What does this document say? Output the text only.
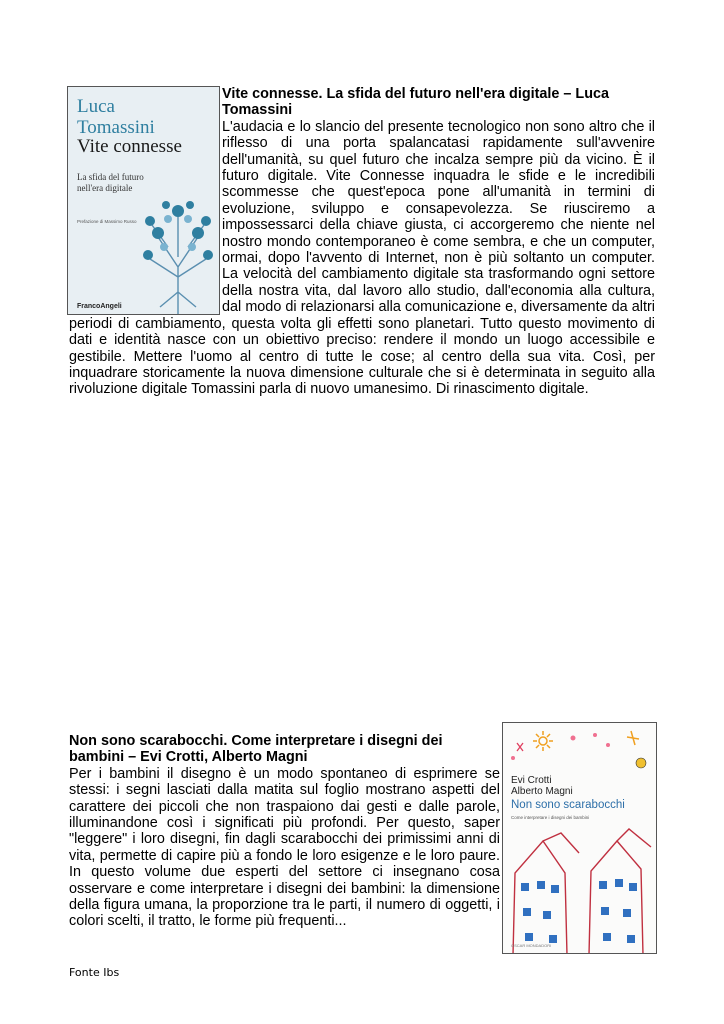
Luca
Tomassini
Vite connesse
La sfida del futuro nell'era digitale
Prefazione di Massimo Russo
FrancoAngeli
Vite connesse. La sfida del futuro nell'era digitale – Luca Tomassini

L'audacia e lo slancio del presente tecnologico non sono altro che il riflesso di una porta spalancatasi rapidamente sull'avvenire dell'umanità, su quel futuro che incalza sempre più da vicino. È il futuro digitale. Vite Connesse inquadra le sfide e le incredibili scommesse che quest'epoca pone all'umanità in termini di evoluzione, sviluppo e consapevolezza. Se riusciremo a impossessarci della chiave giusta, ci accorgeremo che niente nel nostro mondo contemporaneo è come sembra, e che un computer, ormai, dopo l'avvento di Internet, non è più soltanto un computer. La velocità del cambiamento digitale sta trasformando ogni settore della nostra vita, dal lavoro allo studio, dall'economia alla cultura, dal modo di relazionarsi alla comunicazione e, diversamente da altri periodi di cambiamento, questa volta gli effetti sono planetari. Tutto questo movimento di dati e identità nasce con un obiettivo preciso: rendere il mondo un luogo accessibile e gestibile. Mettere l'uomo al centro di tutte le cose; al centro della sua vita. Così, per inquadrare storicamente la nuova dimensione culturale che si è determinata in seguito alla rivoluzione digitale Tomassini parla di nuovo umanesimo. Di rinascimento digitale.

Non sono scarabocchi. Come interpretare i disegni dei bambini – Evi Crotti, Alberto Magni

Per i bambini il disegno è un modo spontaneo di esprimere se stessi: i segni lasciati dalla matita sul foglio mostrano aspetti del carattere dei piccoli che non traspaiono dai gesti e dalle parole, illuminandone così i significati più profondi. Per questo, saper "leggere" i loro disegni, fin dagli scarabocchi dei primissimi anni di vita, permette di capire più a fondo le loro esigenze e le loro paure. In questo volume due esperti del settore ci insegnano cosa osservare e come interpretare i disegni dei bambini: la dimensione della figura umana, la proporzione tra le parti, il numero di oggetti, i colori scelti, il tratto, le forme più frequenti...

Evi Crotti
Alberto Magni
Non sono scarabocchi
Come interpretare i disegni dei bambini
OSCAR MONDADORI
Fonte Ibs
